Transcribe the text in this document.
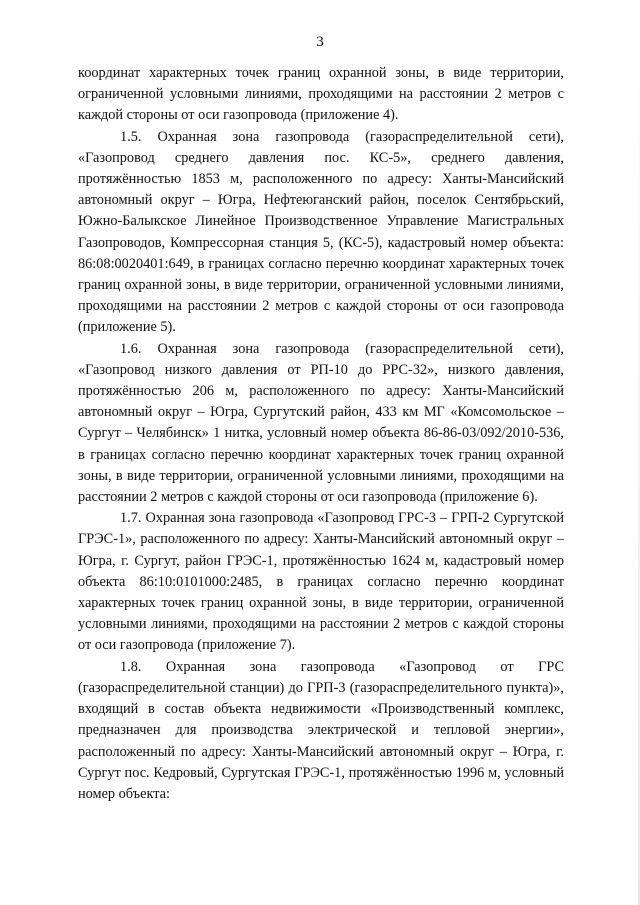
3

координат характерных точек границ охранной зоны, в виде территории, ограниченной условными линиями, проходящими на расстоянии 2 метров с каждой стороны от оси газопровода (приложение 4).

1.5. Охранная зона газопровода (газораспределительной сети), «Газопровод среднего давления пос. КС-5», среднего давления, протяжённостью 1853 м, расположенного по адресу: Ханты-Мансийский автономный округ – Югра, Нефтеюганский район, поселок Сентябрьский, Южно-Балыкское Линейное Производственное Управление Магистральных Газопроводов, Компрессорная станция 5, (КС-5), кадастровый номер объекта: 86:08:0020401:649, в границах согласно перечню координат характерных точек границ охранной зоны, в виде территории, ограниченной условными линиями, проходящими на расстоянии 2 метров с каждой стороны от оси газопровода (приложение 5).

1.6. Охранная зона газопровода (газораспределительной сети), «Газопровод низкого давления от РП-10 до РРС-32», низкого давления, протяжённостью 206 м, расположенного по адресу: Ханты-Мансийский автономный округ – Югра, Сургутский район, 433 км МГ «Комсомольское – Сургут – Челябинск» 1 нитка, условный номер объекта 86-86-03/092/2010-536, в границах согласно перечню координат характерных точек границ охранной зоны, в виде территории, ограниченной условными линиями, проходящими на расстоянии 2 метров с каждой стороны от оси газопровода (приложение 6).

1.7. Охранная зона газопровода «Газопровод ГРС-3 – ГРП-2 Сургутской ГРЭС-1», расположенного по адресу: Ханты-Мансийский автономный округ – Югра, г. Сургут, район ГРЭС-1, протяжённостью 1624 м, кадастровый номер объекта 86:10:0101000:2485, в границах согласно перечню координат характерных точек границ охранной зоны, в виде территории, ограниченной условными линиями, проходящими на расстоянии 2 метров с каждой стороны от оси газопровода (приложение 7).

1.8. Охранная зона газопровода «Газопровод от ГРС (газораспределительной станции) до ГРП-3 (газораспределительного пункта)», входящий в состав объекта недвижимости «Производственный комплекс, предназначен для производства электрической и тепловой энергии», расположенный по адресу: Ханты-Мансийский автономный округ – Югра, г. Сургут пос. Кедровый, Сургутская ГРЭС-1, протяжённостью 1996 м, условный номер объекта:
